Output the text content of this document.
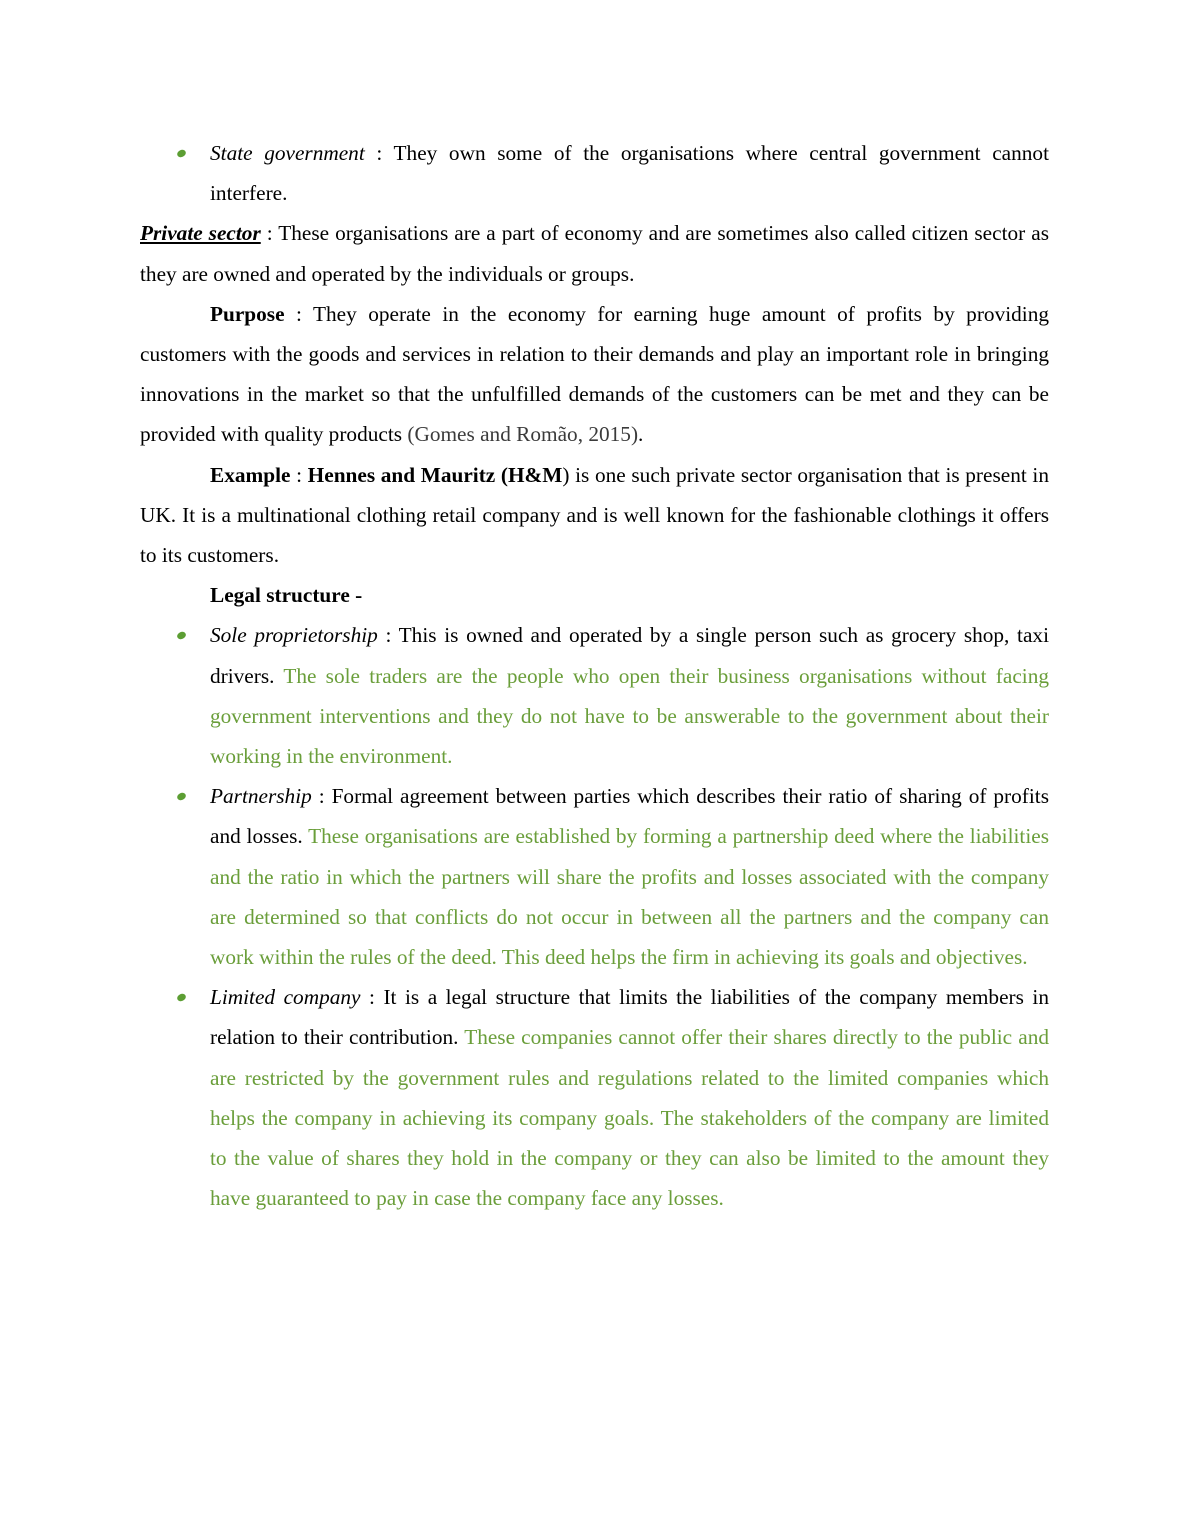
State government : They own some of the organisations where central government cannot interfere.

Private sector : These organisations are a part of economy and are sometimes also called citizen sector as they are owned and operated by the individuals or groups.

Purpose : They operate in the economy for earning huge amount of profits by providing customers with the goods and services in relation to their demands and play an important role in bringing innovations in the market so that the unfulfilled demands of the customers can be met and they can be provided with quality products (Gomes and Romão, 2015).

Example : Hennes and Mauritz (H&M) is one such private sector organisation that is present in UK. It is a multinational clothing retail company and is well known for the fashionable clothings it offers to its customers.

Legal structure -

Sole proprietorship : This is owned and operated by a single person such as grocery shop, taxi drivers. The sole traders are the people who open their business organisations without facing government interventions and they do not have to be answerable to the government about their working in the environment.
Partnership : Formal agreement between parties which describes their ratio of sharing of profits and losses. These organisations are established by forming a partnership deed where the liabilities and the ratio in which the partners will share the profits and losses associated with the company are determined so that conflicts do not occur in between all the partners and the company can work within the rules of the deed. This deed helps the firm in achieving its goals and objectives.
Limited company : It is a legal structure that limits the liabilities of the company members in relation to their contribution. These companies cannot offer their shares directly to the public and are restricted by the government rules and regulations related to the limited companies which helps the company in achieving its company goals. The stakeholders of the company are limited to the value of shares they hold in the company or they can also be limited to the amount they have guaranteed to pay in case the company face any losses.
